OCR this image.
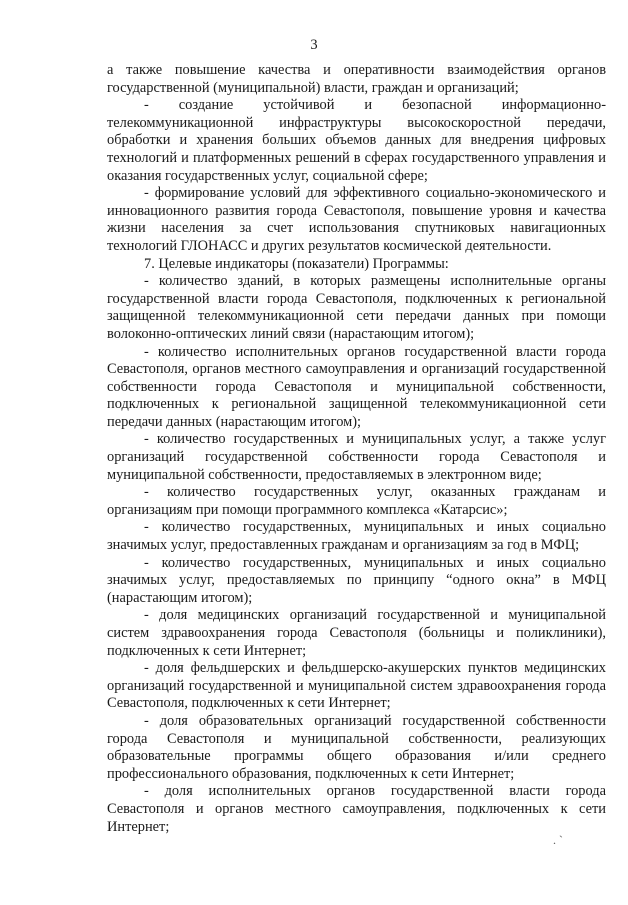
3

а также повышение качества и оперативности взаимодействия органов государственной (муниципальной) власти, граждан и организаций;

- создание устойчивой и безопасной информационно-телекоммуникационной инфраструктуры высокоскоростной передачи, обработки и хранения больших объемов данных для внедрения цифровых технологий и платформенных решений в сферах государственного управления и оказания государственных услуг, социальной сфере;

- формирование условий для эффективного социально-экономического и инновационного развития города Севастополя, повышение уровня и качества жизни населения за счет использования спутниковых навигационных технологий ГЛОНАСС и других результатов космической деятельности.

7. Целевые индикаторы (показатели) Программы:

- количество зданий, в которых размещены исполнительные органы государственной власти города Севастополя, подключенных к региональной защищенной телекоммуникационной сети передачи данных при помощи волоконно-оптических линий связи (нарастающим итогом);

- количество исполнительных органов государственной власти города Севастополя, органов местного самоуправления и организаций государственной собственности города Севастополя и муниципальной собственности, подключенных к региональной защищенной телекоммуникационной сети передачи данных (нарастающим итогом);

- количество государственных и муниципальных услуг, а также услуг организаций государственной собственности города Севастополя и муниципальной собственности, предоставляемых в электронном виде;

- количество государственных услуг, оказанных гражданам и организациям при помощи программного комплекса «Катарсис»;

- количество государственных, муниципальных и иных социально значимых услуг, предоставленных гражданам и организациям за год в МФЦ;

- количество государственных, муниципальных и иных социально значимых услуг, предоставляемых по принципу “одного окна” в МФЦ (нарастающим итогом);

- доля медицинских организаций государственной и муниципальной систем здравоохранения города Севастополя (больницы и поликлиники), подключенных к сети Интернет;

- доля фельдшерских и фельдшерско-акушерских пунктов медицинских организаций государственной и муниципальной систем здравоохранения города Севастополя, подключенных к сети Интернет;

- доля образовательных организаций государственной собственности города Севастополя и муниципальной собственности, реализующих образовательные программы общего образования и/или среднего профессионального образования, подключенных к сети Интернет;

- доля исполнительных органов государственной власти города Севастополя и органов местного самоуправления, подключенных к сети Интернет;

. `
